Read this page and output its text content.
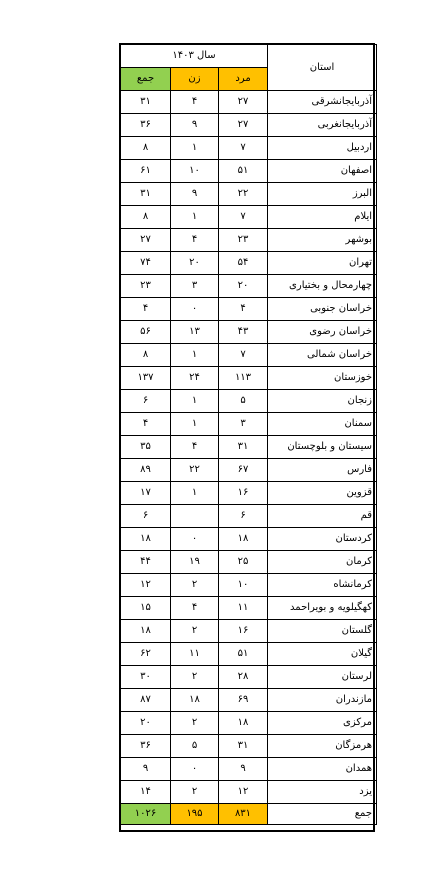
سال ۱۴۰۳			استان
جمع	زن	مرد	
۳۱	۴	۲۷	آذربایجانشرقی
۳۶	۹	۲۷	آذربایجانغربی
۸	۱	۷	اردبیل
۶۱	۱۰	۵۱	اصفهان
۳۱	۹	۲۲	البرز
۸	۱	۷	ایلام
۲۷	۴	۲۳	بوشهر
۷۴	۲۰	۵۴	تهران
۲۳	۳	۲۰	چهارمحال و بختیاری
۴	۰	۴	خراسان جنوبی
۵۶	۱۳	۴۳	خراسان رضوی
۸	۱	۷	خراسان شمالی
۱۳۷	۲۴	۱۱۳	خوزستان
۶	۱	۵	زنجان
۴	۱	۳	سمنان
۳۵	۴	۳۱	سیستان و بلوچستان
۸۹	۲۲	۶۷	فارس
۱۷	۱	۱۶	قزوین
۶		۶	قم
۱۸	۰	۱۸	کردستان
۴۴	۱۹	۲۵	کرمان
۱۲	۲	۱۰	کرمانشاه
۱۵	۴	۱۱	کهگیلویه و بویراحمد
۱۸	۲	۱۶	گلستان
۶۲	۱۱	۵۱	گیلان
۳۰	۲	۲۸	لرستان
۸۷	۱۸	۶۹	مازندران
۲۰	۲	۱۸	مرکزی
۳۶	۵	۳۱	هرمزگان
۹	۰	۹	همدان
۱۴	۲	۱۲	یزد
۱۰۲۶	۱۹۵	۸۳۱	جمع
